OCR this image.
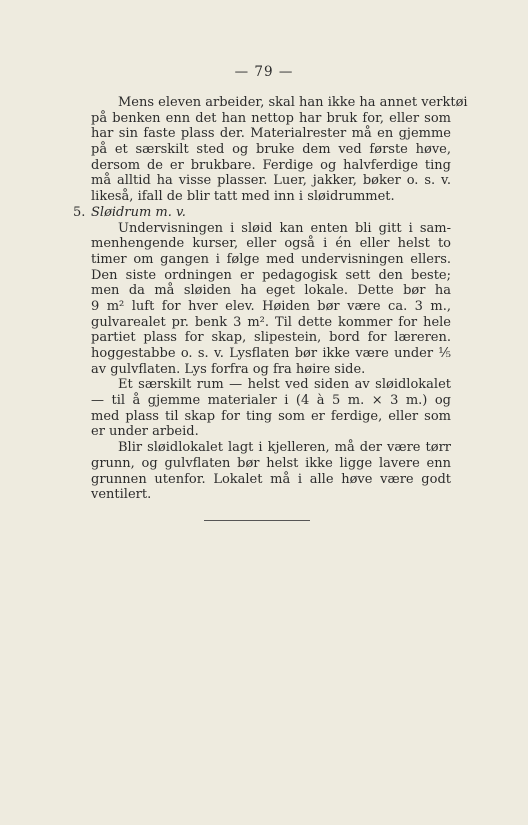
— 79 —
Mens eleven arbeider, skal han ikke ha annet verktøi
på benken enn det han nettop har bruk for, eller som
har sin faste plass der. Materialrester må en gjemme
på et særskilt sted og bruke dem ved første høve,
dersom de er brukbare. Ferdige og halvferdige ting
må alltid ha visse plasser. Luer, jakker, bøker o. s. v.
likeså, ifall de blir tatt med inn i sløidrummet.
5. Sløidrum m. v.
Undervisningen i sløid kan enten bli gitt i sam-
menhengende kurser, eller også i én eller helst to
timer om gangen i følge med undervisningen ellers.
Den siste ordningen er pedagogisk sett den beste;
men da må sløiden ha eget lokale. Dette bør ha
9 m² luft for hver elev. Høiden bør være ca. 3 m.,
gulvarealet pr. benk 3 m². Til dette kommer for hele
partiet plass for skap, slipestein, bord for læreren.
hoggestabbe o. s. v. Lysflaten bør ikke være under ⅕
av gulvflaten. Lys forfra og fra høire side.
Et særskilt rum — helst ved siden av sløidlokalet
— til å gjemme materialer i (4 à 5 m. × 3 m.) og
med plass til skap for ting som er ferdige, eller som
er under arbeid.
Blir sløidlokalet lagt i kjelleren, må der være tørr
grunn, og gulvflaten bør helst ikke ligge lavere enn
grunnen utenfor. Lokalet må i alle høve være godt
ventilert.
